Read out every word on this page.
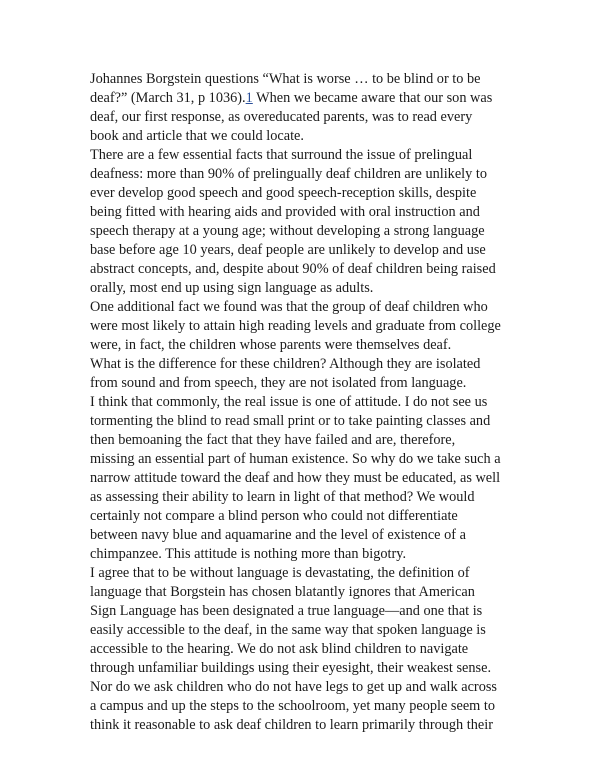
Johannes Borgstein questions “What is worse … to be blind or to be
deaf?” (March 31, p 1036).1 When we became aware that our son was
deaf, our first response, as overeducated parents, was to read every
book and article that we could locate.
There are a few essential facts that surround the issue of prelingual
deafness: more than 90% of prelingually deaf children are unlikely to
ever develop good speech and good speech-reception skills, despite
being fitted with hearing aids and provided with oral instruction and
speech therapy at a young age; without developing a strong language
base before age 10 years, deaf people are unlikely to develop and use
abstract concepts, and, despite about 90% of deaf children being raised
orally, most end up using sign language as adults.
One additional fact we found was that the group of deaf children who
were most likely to attain high reading levels and graduate from college
were, in fact, the children whose parents were themselves deaf.
What is the difference for these children? Although they are isolated
from sound and from speech, they are not isolated from language.
I think that commonly, the real issue is one of attitude. I do not see us
tormenting the blind to read small print or to take painting classes and
then bemoaning the fact that they have failed and are, therefore,
missing an essential part of human existence. So why do we take such a
narrow attitude toward the deaf and how they must be educated, as well
as assessing their ability to learn in light of that method? We would
certainly not compare a blind person who could not differentiate
between navy blue and aquamarine and the level of existence of a
chimpanzee. This attitude is nothing more than bigotry.
I agree that to be without language is devastating, the definition of
language that Borgstein has chosen blatantly ignores that American
Sign Language has been designated a true language—and one that is
easily accessible to the deaf, in the same way that spoken language is
accessible to the hearing. We do not ask blind children to navigate
through unfamiliar buildings using their eyesight, their weakest sense.
Nor do we ask children who do not have legs to get up and walk across
a campus and up the steps to the schoolroom, yet many people seem to
think it reasonable to ask deaf children to learn primarily through their
